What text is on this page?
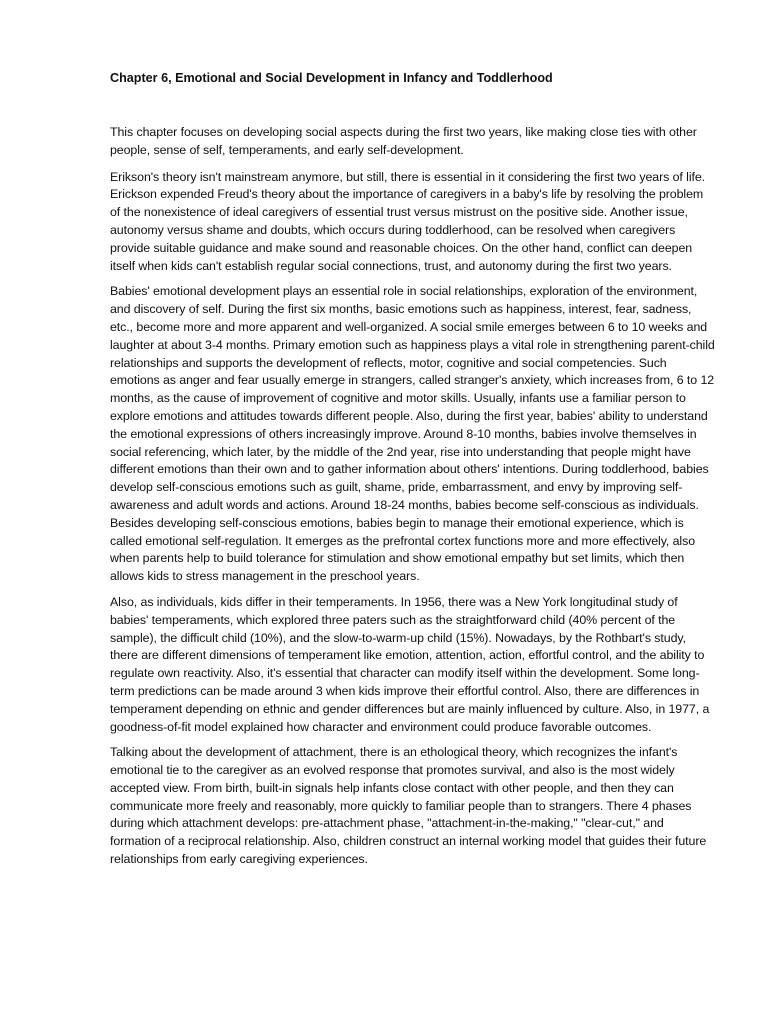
Chapter 6, Emotional and Social Development in Infancy and Toddlerhood

This chapter focuses on developing social aspects during the first two years, like making close ties with other people, sense of self, temperaments, and early self-development.

Erikson's theory isn't mainstream anymore, but still, there is essential in it considering the first two years of life. Erickson expended Freud's theory about the importance of caregivers in a baby's life by resolving the problem of the nonexistence of ideal caregivers of essential trust versus mistrust on the positive side. Another issue, autonomy versus shame and doubts, which occurs during toddlerhood, can be resolved when caregivers provide suitable guidance and make sound and reasonable choices. On the other hand, conflict can deepen itself when kids can't establish regular social connections, trust, and autonomy during the first two years.

Babies' emotional development plays an essential role in social relationships, exploration of the environment, and discovery of self. During the first six months, basic emotions such as happiness, interest, fear, sadness, etc., become more and more apparent and well-organized. A social smile emerges between 6 to 10 weeks and laughter at about 3-4 months. Primary emotion such as happiness plays a vital role in strengthening parent-child relationships and supports the development of reflects, motor, cognitive and social competencies. Such emotions as anger and fear usually emerge in strangers, called stranger's anxiety, which increases from, 6 to 12 months, as the cause of improvement of cognitive and motor skills. Usually, infants use a familiar person to explore emotions and attitudes towards different people. Also, during the first year, babies' ability to understand the emotional expressions of others increasingly improve. Around 8-10 months, babies involve themselves in social referencing, which later, by the middle of the 2nd year, rise into understanding that people might have different emotions than their own and to gather information about others' intentions. During toddlerhood, babies develop self-conscious emotions such as guilt, shame, pride, embarrassment, and envy by improving self-awareness and adult words and actions. Around 18-24 months, babies become self-conscious as individuals. Besides developing self-conscious emotions, babies begin to manage their emotional experience, which is called emotional self-regulation. It emerges as the prefrontal cortex functions more and more effectively, also when parents help to build tolerance for stimulation and show emotional empathy but set limits, which then allows kids to stress management in the preschool years.

Also, as individuals, kids differ in their temperaments. In 1956, there was a New York longitudinal study of babies' temperaments, which explored three paters such as the straightforward child (40% percent of the sample), the difficult child (10%), and the slow-to-warm-up child (15%). Nowadays, by the Rothbart's study, there are different dimensions of temperament like emotion, attention, action, effortful control, and the ability to regulate own reactivity. Also, it's essential that character can modify itself within the development. Some long-term predictions can be made around 3 when kids improve their effortful control. Also, there are differences in temperament depending on ethnic and gender differences but are mainly influenced by culture. Also, in 1977, a goodness-of-fit model explained how character and environment could produce favorable outcomes.

Talking about the development of attachment, there is an ethological theory, which recognizes the infant's emotional tie to the caregiver as an evolved response that promotes survival, and also is the most widely accepted view. From birth, built-in signals help infants close contact with other people, and then they can communicate more freely and reasonably, more quickly to familiar people than to strangers. There 4 phases during which attachment develops: pre-attachment phase, "attachment-in-the-making," "clear-cut," and formation of a reciprocal relationship. Also, children construct an internal working model that guides their future relationships from early caregiving experiences.
